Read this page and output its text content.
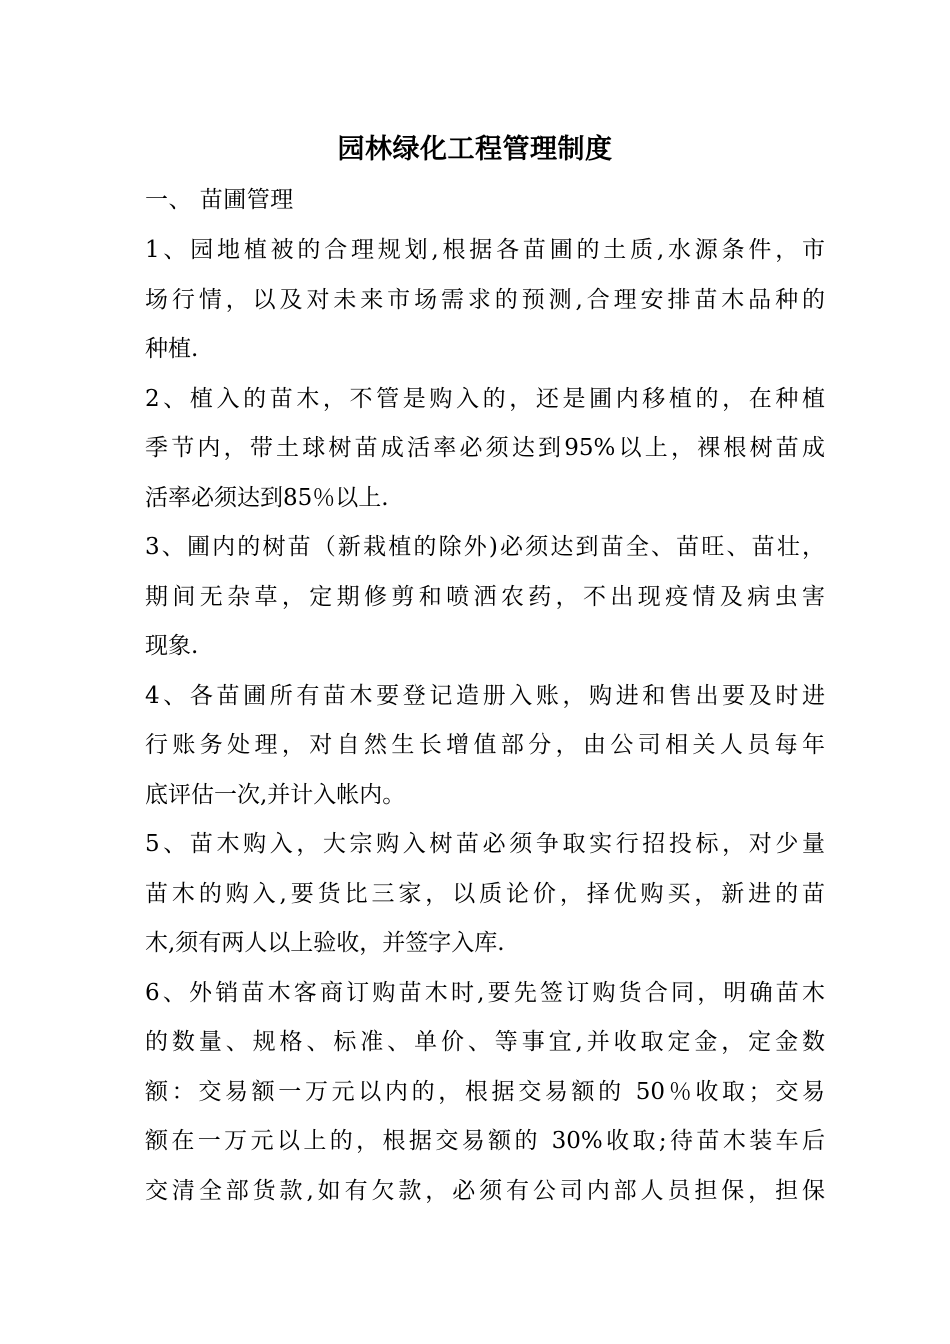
园林绿化工程管理制度
一、 苗圃管理
1、园地植被的合理规划,根据各苗圃的土质,水源条件，市
场行情，以及对未来市场需求的预测,合理安排苗木品种的
种植.
2、植入的苗木，不管是购入的，还是圃内移植的，在种植
季节内，带土球树苗成活率必须达到95%以上，裸根树苗成
活率必须达到85％以上.
3、圃内的树苗（新栽植的除外)必须达到苗全、苗旺、苗壮，
期间无杂草，定期修剪和喷洒农药，不出现疫情及病虫害
现象.
4、各苗圃所有苗木要登记造册入账，购进和售出要及时进
行账务处理，对自然生长增值部分，由公司相关人员每年
底评估一次,并计入帐内。
5、苗木购入，大宗购入树苗必须争取实行招投标，对少量
苗木的购入,要货比三家，以质论价，择优购买，新进的苗
木,须有两人以上验收，并签字入库.
6、外销苗木客商订购苗木时,要先签订购货合同，明确苗木
的数量、规格、标准、单价、等事宜,并收取定金，定金数
额：交易额一万元以内的，根据交易额的 50％收取；交易
额在一万元以上的，根据交易额的 30%收取;待苗木装车后
交清全部货款,如有欠款，必须有公司内部人员担保，担保
